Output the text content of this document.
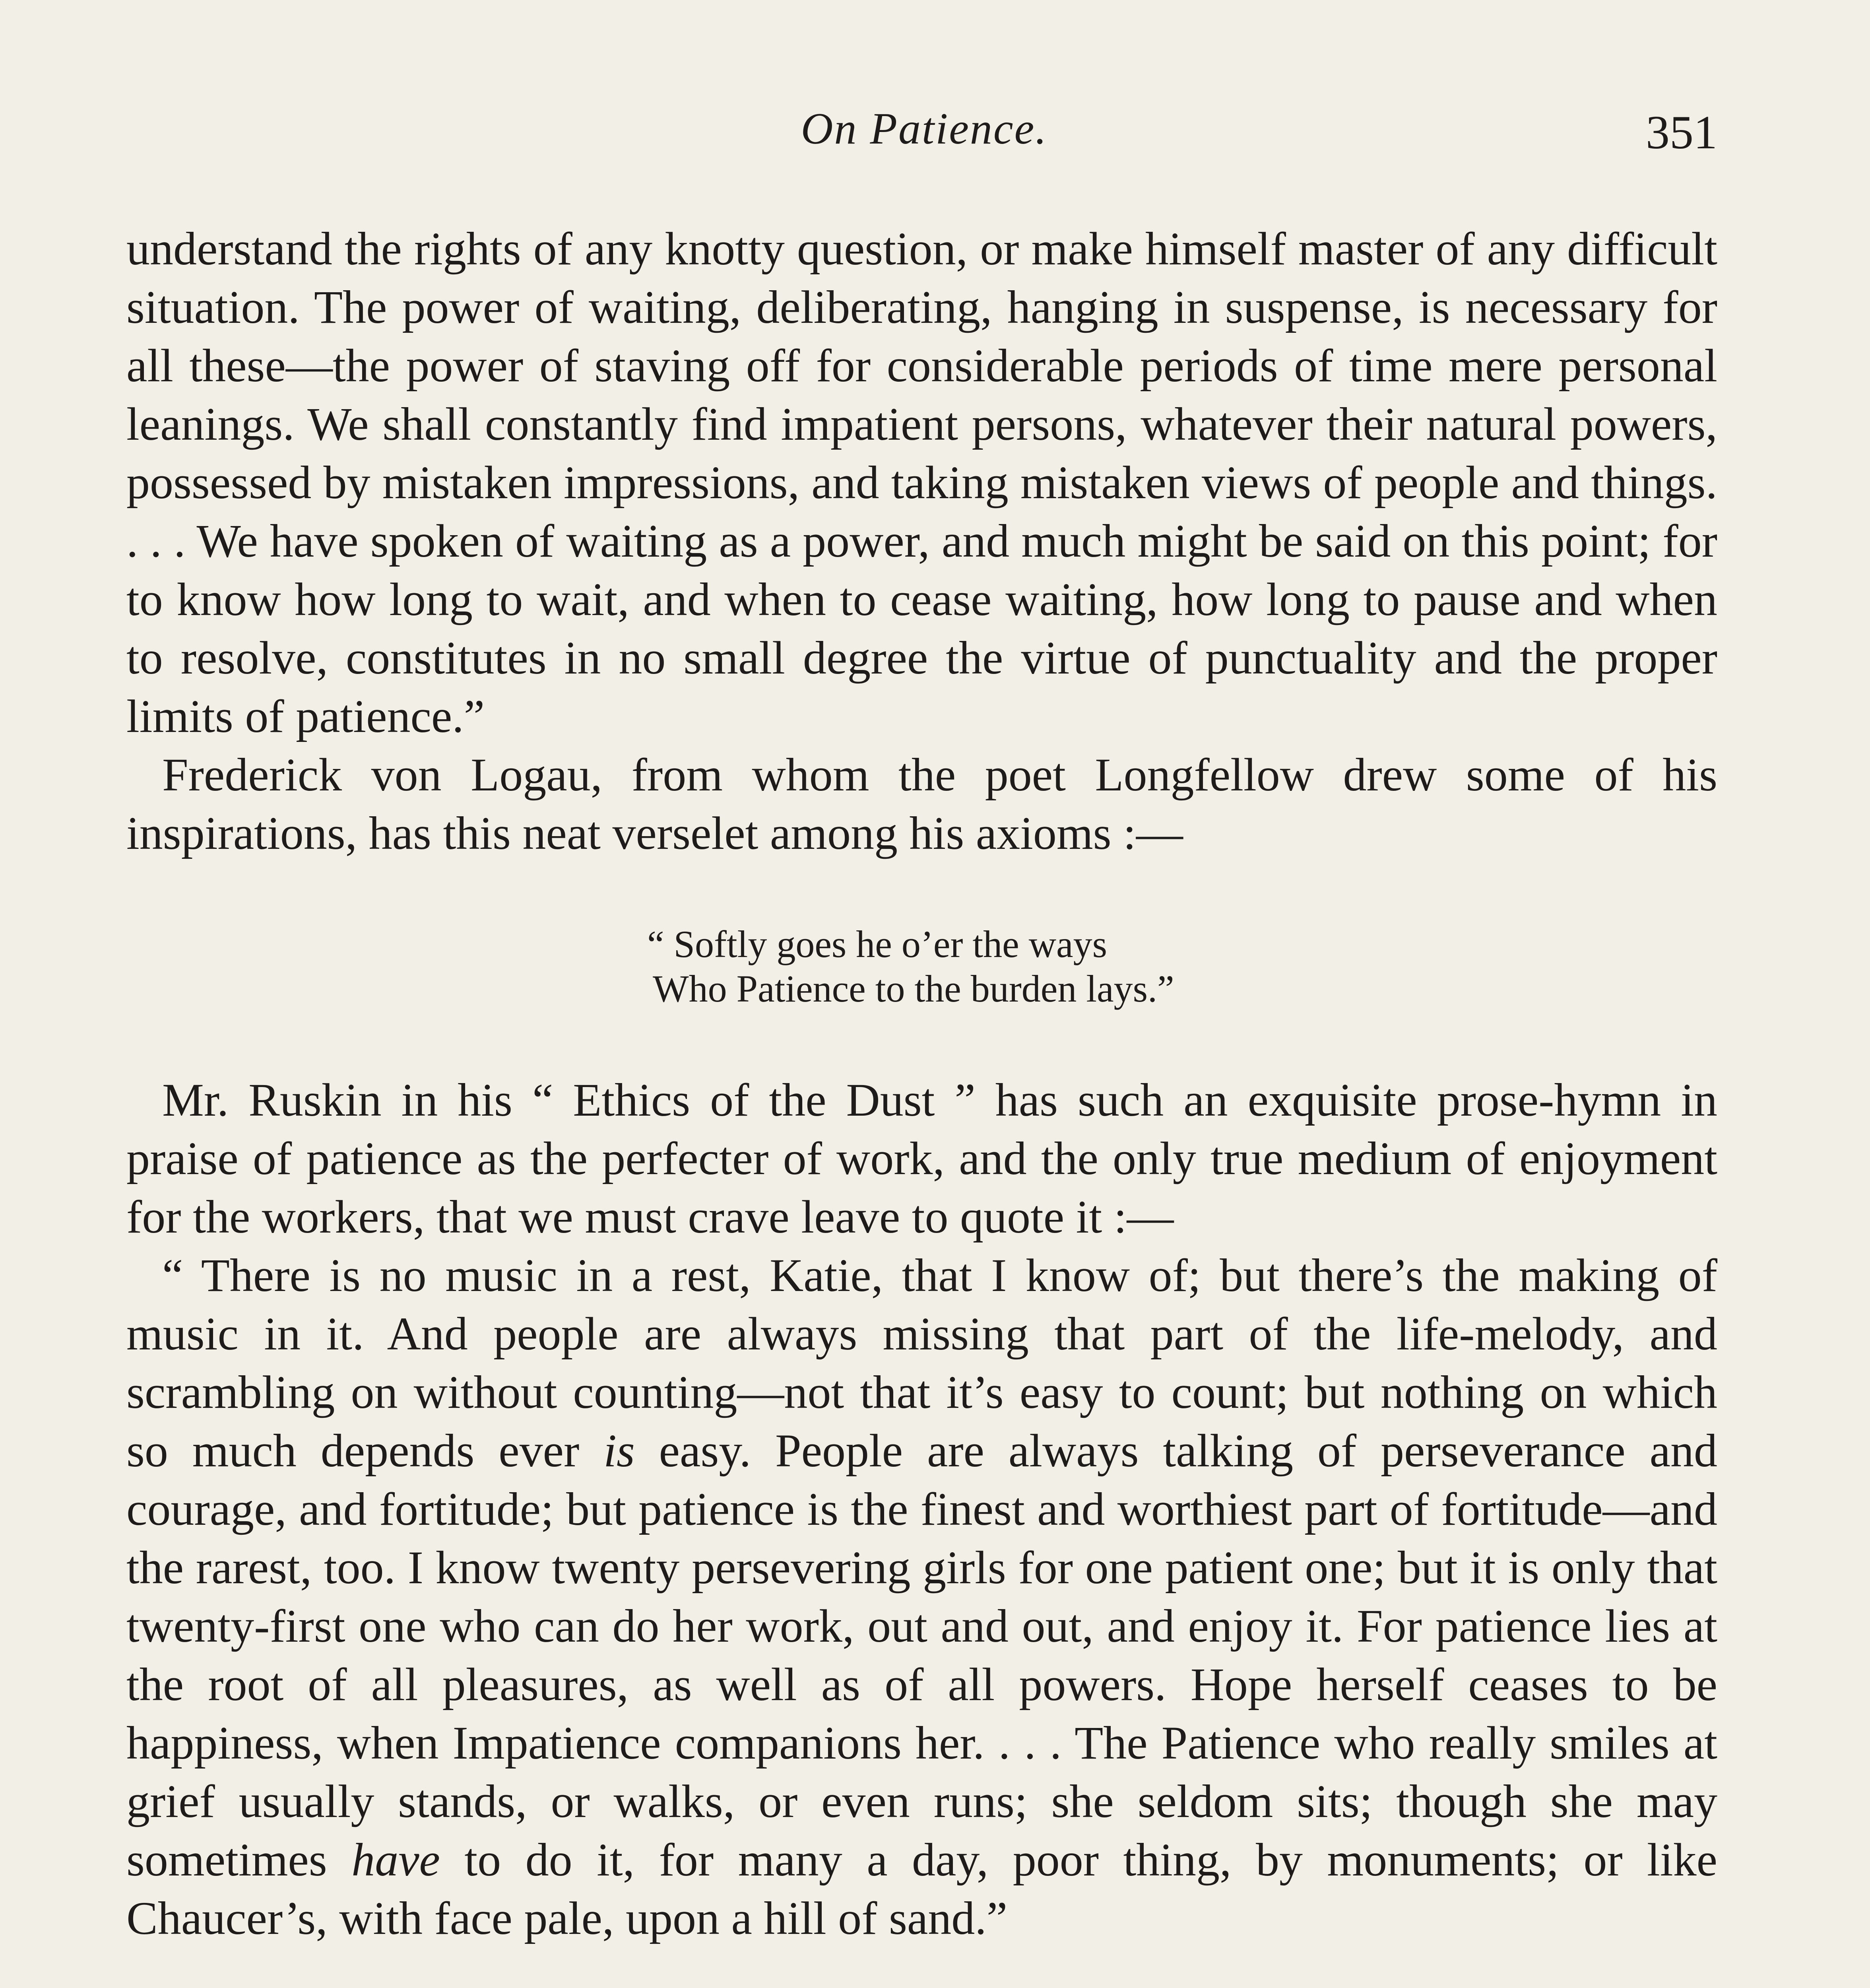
On Patience.	351

understand the rights of any knotty question, or make himself master of any difficult situation. The power of waiting, deliberating, hanging in suspense, is necessary for all these—the power of staving off for considerable periods of time mere personal leanings. We shall constantly find impatient persons, whatever their natural powers, possessed by mistaken impressions, and taking mistaken views of people and things. . . . We have spoken of waiting as a power, and much might be said on this point; for to know how long to wait, and when to cease waiting, how long to pause and when to resolve, constitutes in no small degree the virtue of punctuality and the proper limits of patience.”

Frederick von Logau, from whom the poet Longfellow drew some of his inspirations, has this neat verselet among his axioms :—

“ Softly goes he o’er the ways
Who Patience to the burden lays.”

Mr. Ruskin in his “ Ethics of the Dust ” has such an exquisite prose-hymn in praise of patience as the perfecter of work, and the only true medium of enjoyment for the workers, that we must crave leave to quote it :—

“ There is no music in a rest, Katie, that I know of; but there’s the making of music in it. And people are always missing that part of the life-melody, and scrambling on without counting—not that it’s easy to count; but nothing on which so much depends ever is easy. People are always talking of perseverance and courage, and fortitude; but patience is the finest and worthiest part of fortitude—and the rarest, too. I know twenty persevering girls for one patient one; but it is only that twenty-first one who can do her work, out and out, and enjoy it. For patience lies at the root of all pleasures, as well as of all powers. Hope herself ceases to be happiness, when Impatience companions her. . . . The Patience who really smiles at grief usually stands, or walks, or even runs; she seldom sits; though she may sometimes have to do it, for many a day, poor thing, by monuments; or like Chaucer’s, with face pale, upon a hill of sand.”
